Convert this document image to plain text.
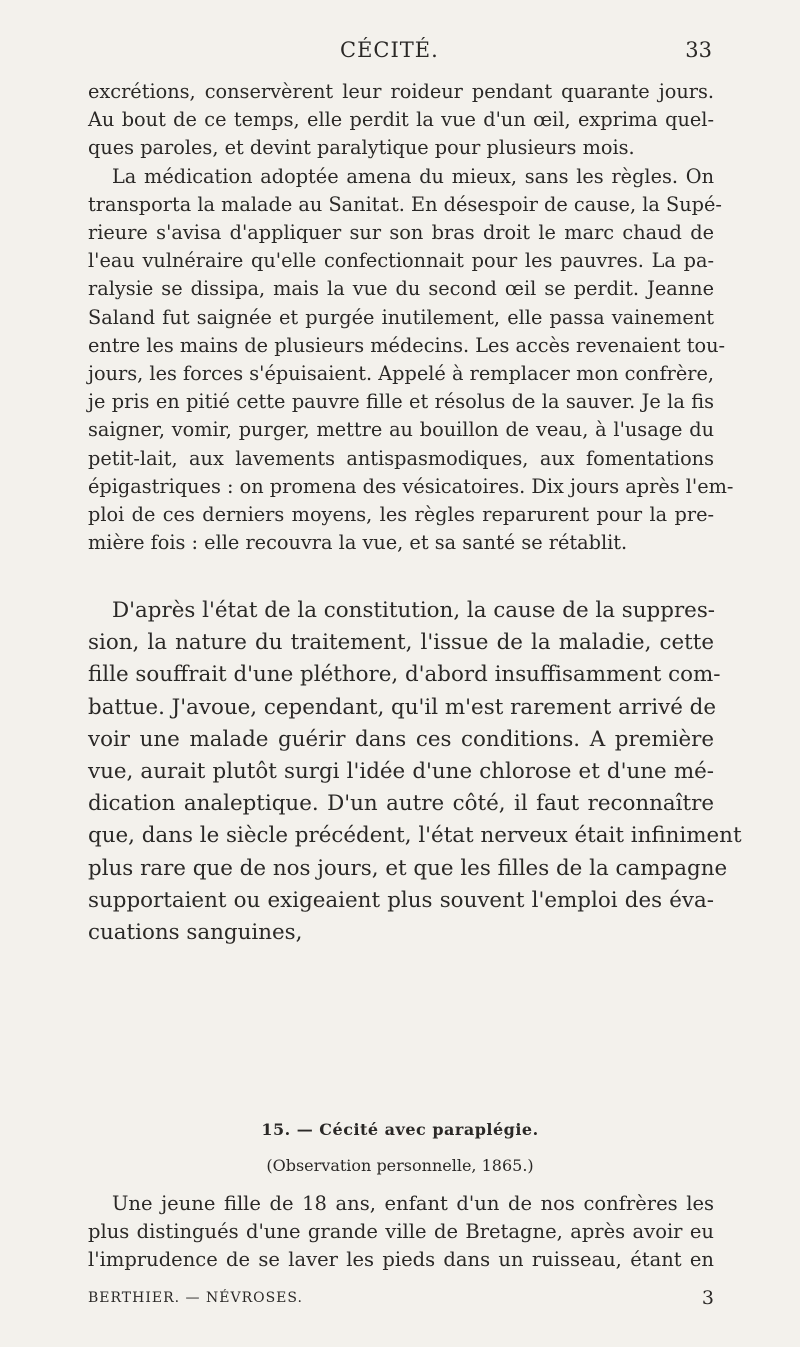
CÉCITÉ.	33
excrétions, conservèrent leur roideur pendant quarante jours.
Au bout de ce temps, elle perdit la vue d'un œil, exprima quel-
ques paroles, et devint paralytique pour plusieurs mois.
La médication adoptée amena du mieux, sans les règles. On
transporta la malade au Sanitat. En désespoir de cause, la Supé-
rieure s'avisa d'appliquer sur son bras droit le marc chaud de
l'eau vulnéraire qu'elle confectionnait pour les pauvres. La pa-
ralysie se dissipa, mais la vue du second œil se perdit. Jeanne
Saland fut saignée et purgée inutilement, elle passa vainement
entre les mains de plusieurs médecins. Les accès revenaient tou-
jours, les forces s'épuisaient. Appelé à remplacer mon confrère,
je pris en pitié cette pauvre fille et résolus de la sauver. Je la fis
saigner, vomir, purger, mettre au bouillon de veau, à l'usage du
petit-lait, aux lavements antispasmodiques, aux fomentations
épigastriques : on promena des vésicatoires. Dix jours après l'em-
ploi de ces derniers moyens, les règles reparurent pour la pre-
mière fois : elle recouvra la vue, et sa santé se rétablit.
D'après l'état de la constitution, la cause de la suppres-
sion, la nature du traitement, l'issue de la maladie, cette
fille souffrait d'une pléthore, d'abord insuffisamment com-
battue. J'avoue, cependant, qu'il m'est rarement arrivé de
voir une malade guérir dans ces conditions. A première
vue, aurait plutôt surgi l'idée d'une chlorose et d'une mé-
dication analeptique. D'un autre côté, il faut reconnaître
que, dans le siècle précédent, l'état nerveux était infiniment
plus rare que de nos jours, et que les filles de la campagne
supportaient ou exigeaient plus souvent l'emploi des éva-
cuations sanguines,
15. — Cécité avec paraplégie.
(Observation personnelle, 1865.)
Une jeune fille de 18 ans, enfant d'un de nos confrères les
plus distingués d'une grande ville de Bretagne, après avoir eu
l'imprudence de se laver les pieds dans un ruisseau, étant en
BERTHIER. — NÉVROSES.	3
